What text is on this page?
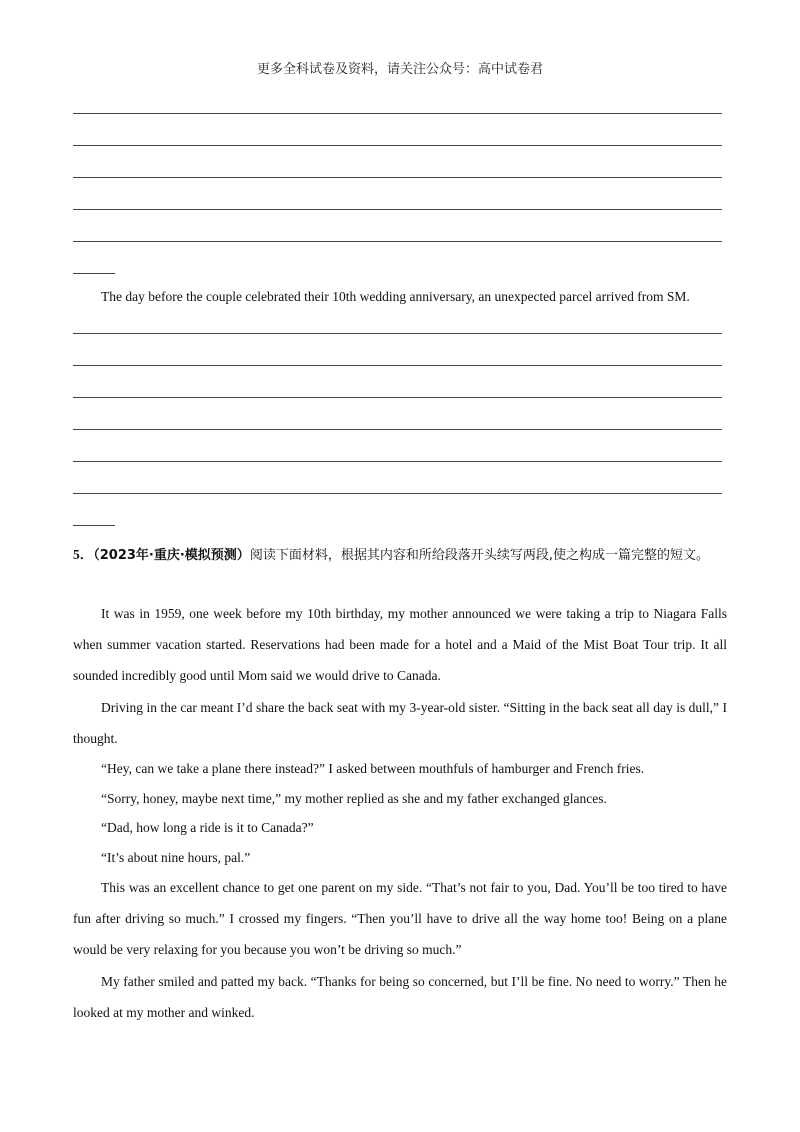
更多全科试卷及资料，请关注公众号：高中试卷君
The day before the couple celebrated their 10th wedding anniversary, an unexpected parcel arrived from SM.
5．（2023年·重庆·模拟预测）阅读下面材料，根据其内容和所给段落开头续写两段,使之构成一篇完整的短文。

It was in 1959, one week before my 10th birthday, my mother announced we were taking a trip to Niagara Falls when summer vacation started. Reservations had been made for a hotel and a Maid of the Mist Boat Tour trip. It all sounded incredibly good until Mom said we would drive to Canada.

Driving in the car meant I’d share the back seat with my 3-year-old sister. “Sitting in the back seat all day is dull,” I thought.

“Hey, can we take a plane there instead?” I asked between mouthfuls of hamburger and French fries.

“Sorry, honey, maybe next time,” my mother replied as she and my father exchanged glances.

“Dad, how long a ride is it to Canada?”

“It’s about nine hours, pal.”

This was an excellent chance to get one parent on my side. “That’s not fair to you, Dad. You’ll be too tired to have fun after driving so much.” I crossed my fingers. “Then you’ll have to drive all the way home too! Being on a plane would be very relaxing for you because you won’t be driving so much.”

My father smiled and patted my back. “Thanks for being so concerned, but I’ll be fine. No need to worry.” Then he looked at my mother and winked.
